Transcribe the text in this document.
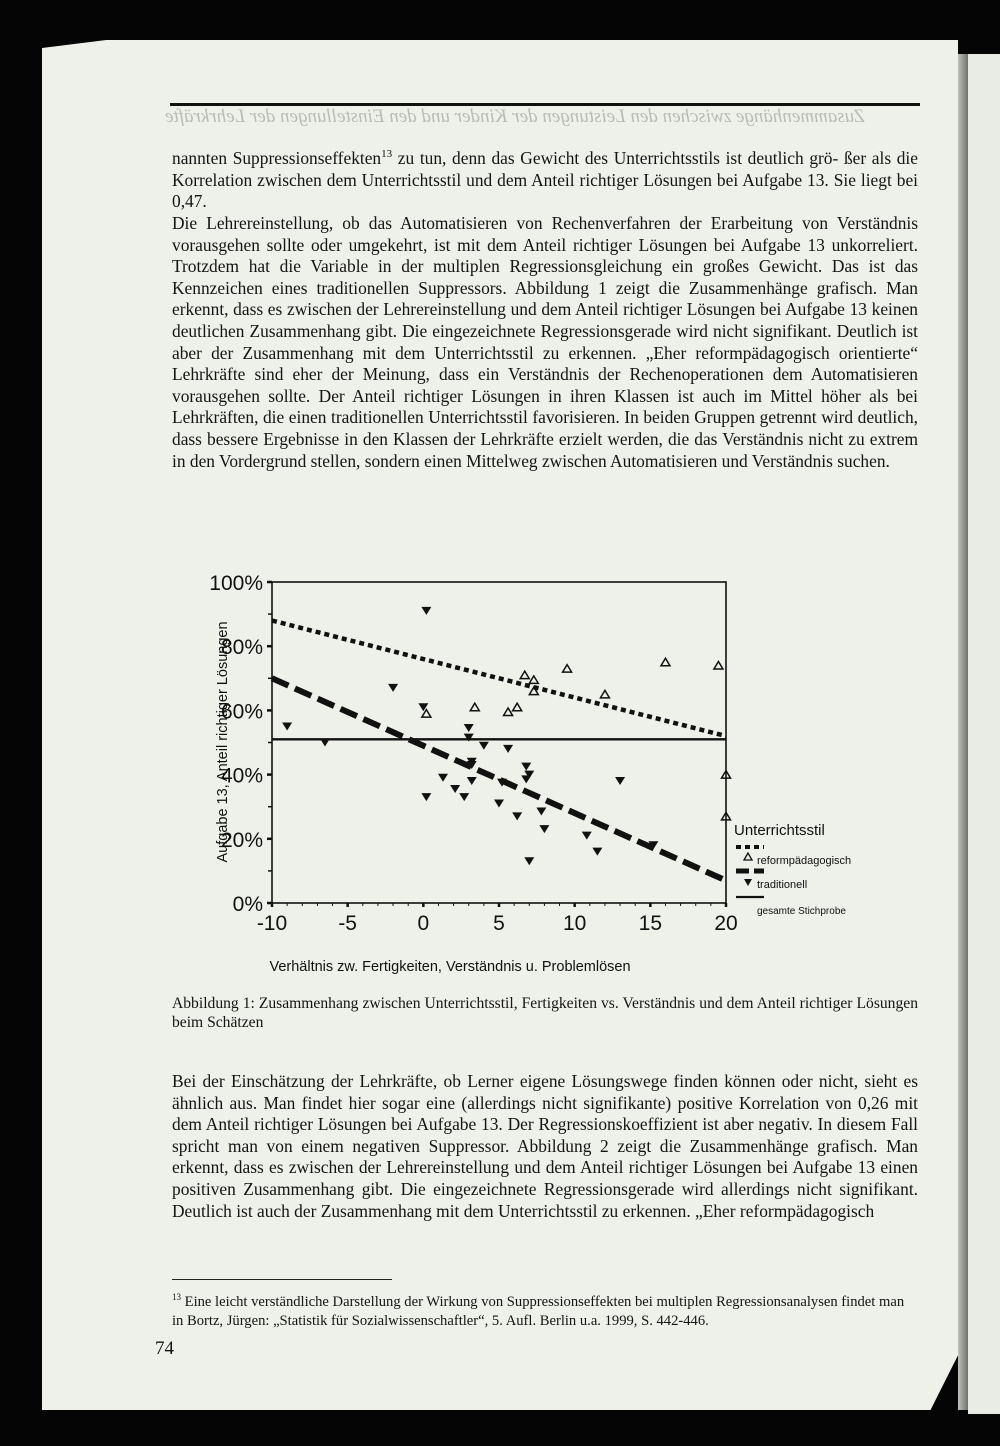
Zusammenhänge zwischen den Leistungen der Kinder und den Einstellungen der Lehrkräfte
nannten Suppressionseffekten$^{13}$ zu tun, denn das Gewicht des Unterrichtsstils ist deutlich grö- ßer als die Korrelation zwischen dem Unterrichtsstil und dem Anteil richtiger Lösungen bei Aufgabe 13. Sie liegt bei 0,47.
Die Lehrereinstellung, ob das Automatisieren von Rechenverfahren der Erarbeitung von Verständnis vorausgehen sollte oder umgekehrt, ist mit dem Anteil richtiger Lösungen bei Aufgabe 13 unkorreliert. Trotzdem hat die Variable in der multiplen Regressionsgleichung ein großes Gewicht. Das ist das Kennzeichen eines traditionellen Suppressors. Abbildung 1 zeigt die Zusammenhänge grafisch. Man erkennt, dass es zwischen der Lehrereinstellung und dem Anteil richtiger Lösungen bei Aufgabe 13 keinen deutlichen Zusammenhang gibt. Die eingezeichnete Regressionsgerade wird nicht signifikant. Deutlich ist aber der Zusammenhang mit dem Unterrichtsstil zu erkennen. „Eher reformpädagogisch orientierte“ Lehrkräfte sind eher der Meinung, dass ein Verständnis der Rechenoperationen dem Automatisieren vorausgehen sollte. Der Anteil richtiger Lösungen in ihren Klassen ist auch im Mittel höher als bei Lehrkräften, die einen traditionellen Unterrichtsstil favorisieren. In beiden Gruppen getrennt wird deutlich, dass bessere Ergebnisse in den Klassen der Lehrkräfte erzielt werden, die das Verständnis nicht zu extrem in den Vordergrund stellen, sondern einen Mittelweg zwischen Automatisieren und Verständnis suchen.
0%
20%
40%
60%
80%
100%
-10 -5	0	5	10 15 20
Verhältnis zw. Fertigkeiten, Verständnis u. Problemlösen
Aufgabe 13, Anteil richtiger Lösungen	Unterrichtsstil
reformpädagogisch
traditionell
gesamte Stichprobe
Abbildung 1: Zusammenhang zwischen Unterrichtsstil, Fertigkeiten vs. Verständnis und dem Anteil richtiger Lösungen beim Schätzen
Bei der Einschätzung der Lehrkräfte, ob Lerner eigene Lösungswege finden können oder nicht, sieht es ähnlich aus. Man findet hier sogar eine (allerdings nicht signifikante) positive Korrelation von 0,26 mit dem Anteil richtiger Lösungen bei Aufgabe 13. Der Regressionskoeffizient ist aber negativ. In diesem Fall spricht man von einem negativen Suppressor. Abbildung 2 zeigt die Zusammenhänge grafisch. Man erkennt, dass es zwischen der Lehrereinstellung und dem Anteil richtiger Lösungen bei Aufgabe 13 einen positiven Zusammenhang gibt. Die eingezeichnete Regressionsgerade wird allerdings nicht signifikant. Deutlich ist auch der Zusammenhang mit dem Unterrichtsstil zu erkennen. „Eher reformpädagogisch
$^{13}$ Eine leicht verständliche Darstellung der Wirkung von Suppressionseffekten bei multiplen Regressionsanalysen findet man in Bortz, Jürgen: „Statistik für Sozialwissenschaftler“, 5. Aufl. Berlin u.a. 1999, S. 442-446.
74
